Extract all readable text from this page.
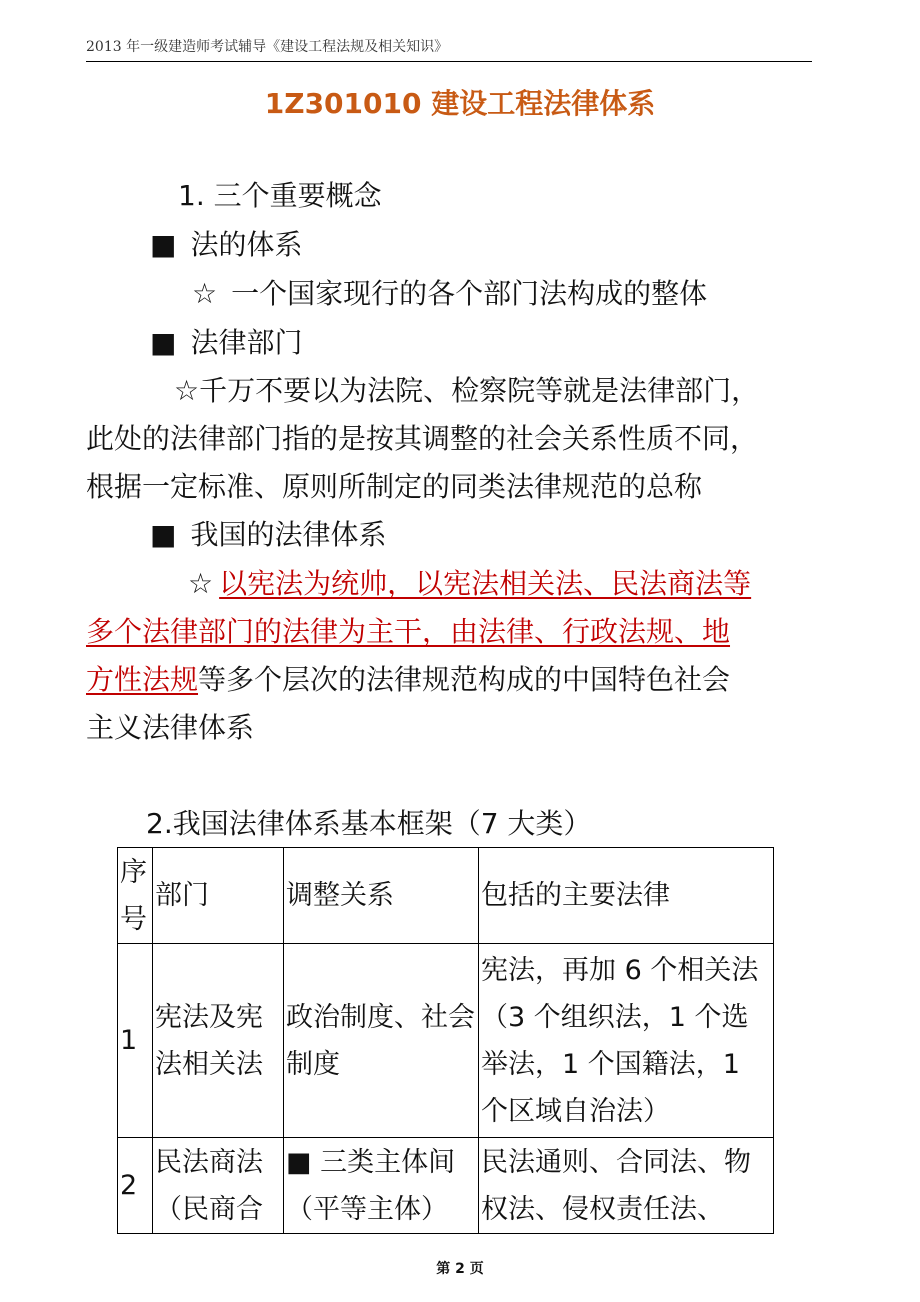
2013 年一级建造师考试辅导《建设工程法规及相关知识》
1Z301010 建设工程法律体系
1. 三个重要概念
■ 法的体系
☆ 一个国家现行的各个部门法构成的整体
■ 法律部门
☆千万不要以为法院、检察院等就是法律部门，
此处的法律部门指的是按其调整的社会关系性质不同，
根据一定标准、原则所制定的同类法律规范的总称
■ 我国的法律体系
☆ 以宪法为统帅，以宪法相关法、民法商法等
多个法律部门的法律为主干，由法律、行政法规、地
方性法规等多个层次的法律规范构成的中国特色社会
主义法律体系
2.我国法律体系基本框架（7 大类）
序号	部门	调整关系	包括的主要法律
1	宪法及宪法相关法	政治制度、社会制度	宪法，再加 6 个相关法（3 个组织法，1 个选举法，1 个国籍法，1 个区域自治法）
2	民法商法（民商合	■ 三类主体间（平等主体）	民法通则、合同法、物权法、侵权责任法、
第 2 页
